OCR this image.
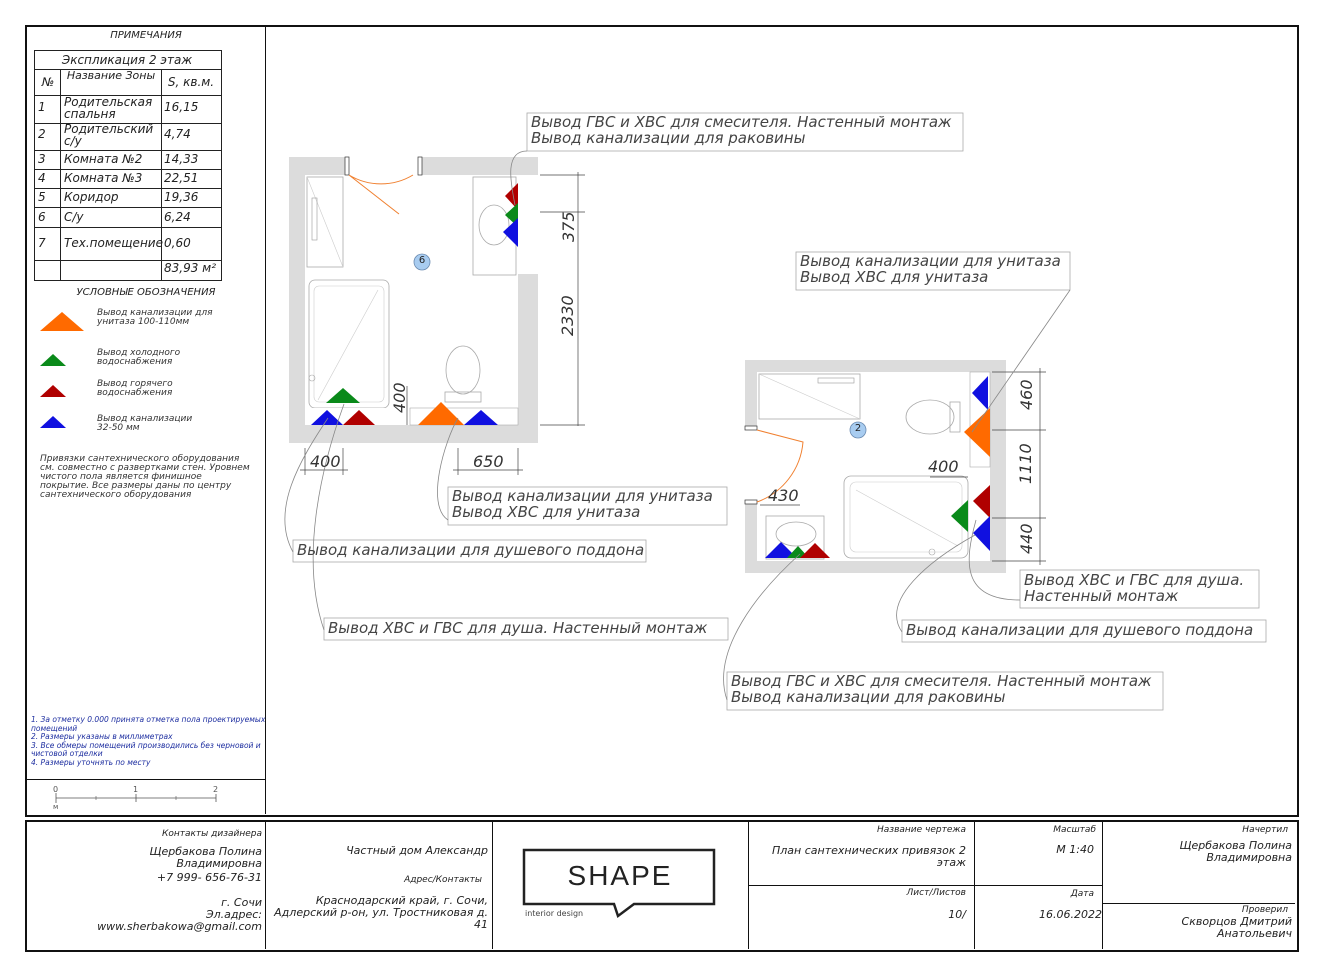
ПРИМЕЧАНИЯ
Экспликация 2 этаж
№	Название Зоны	S, кв.м.
1 Родительская спальня	16,15
2 Родительский с/у	4,74
3 Комната №2 14,33
4 Комната №3 22,51
5 Коридор	19,36
6 С/у	6,24
7 Тех.помещение 0,60
83,93 м²
УСЛОВНЫЕ ОБОЗНАЧЕНИЯ
Вывод канализации для унитаза 100-110мм
Вывод холодного водоснабжения
Вывод горячего водоснабжения
Вывод канализации 32-50 мм
Привязки сантехнического оборудования см. совместно с развертками стен. Уровнем чистого пола является финишное покрытие. Все размеры даны по центру сантехнического оборудования
1. За отметку 0.000 принята отметка пола проектируемых помещений
2. Размеры указаны в миллиметрах
3. Все обмеры помещений производились без черновой и чистовой отделки
4. Размеры уточнять по месту
0	1	2
м
6
2
375
2330
400
400	650
460
1110
440
400
430
Вывод ГВС и ХВС для смесителя. Настенный монтаж
Вывод канализации для раковины
Вывод канализации для унитаза
Вывод ХВС для унитаза
Вывод канализации для унитаза
Вывод ХВС для унитаза
Вывод канализации для душевого поддона
Вывод ХВС и ГВС для душа. Настенный монтаж
Вывод ХВС и ГВС для душа.
Настенный монтаж
Вывод канализации для душевого поддона
Вывод ГВС и ХВС для смесителя. Настенный монтаж
Вывод канализации для раковины
Контакты дизайнера
Щербакова Полина Владимировна
+7 999- 656-76-31
г. Сочи
Эл.адрес:
www.sherbakowa@gmail.com
Частный дом Александр
Адрес/Контакты
Краснодарский край, г. Сочи, Адлерский р-он, ул. Тростниковая д. 41
SHAPE
interior design
Название чертежа
План сантехнических привязок 2 этаж
Лист/Листов
10/
Масштаб
М 1:40
Дата
16.06.2022
Начертил
Щербакова Полина Владимировна
Проверил
Скворцов Дмитрий Анатольевич
